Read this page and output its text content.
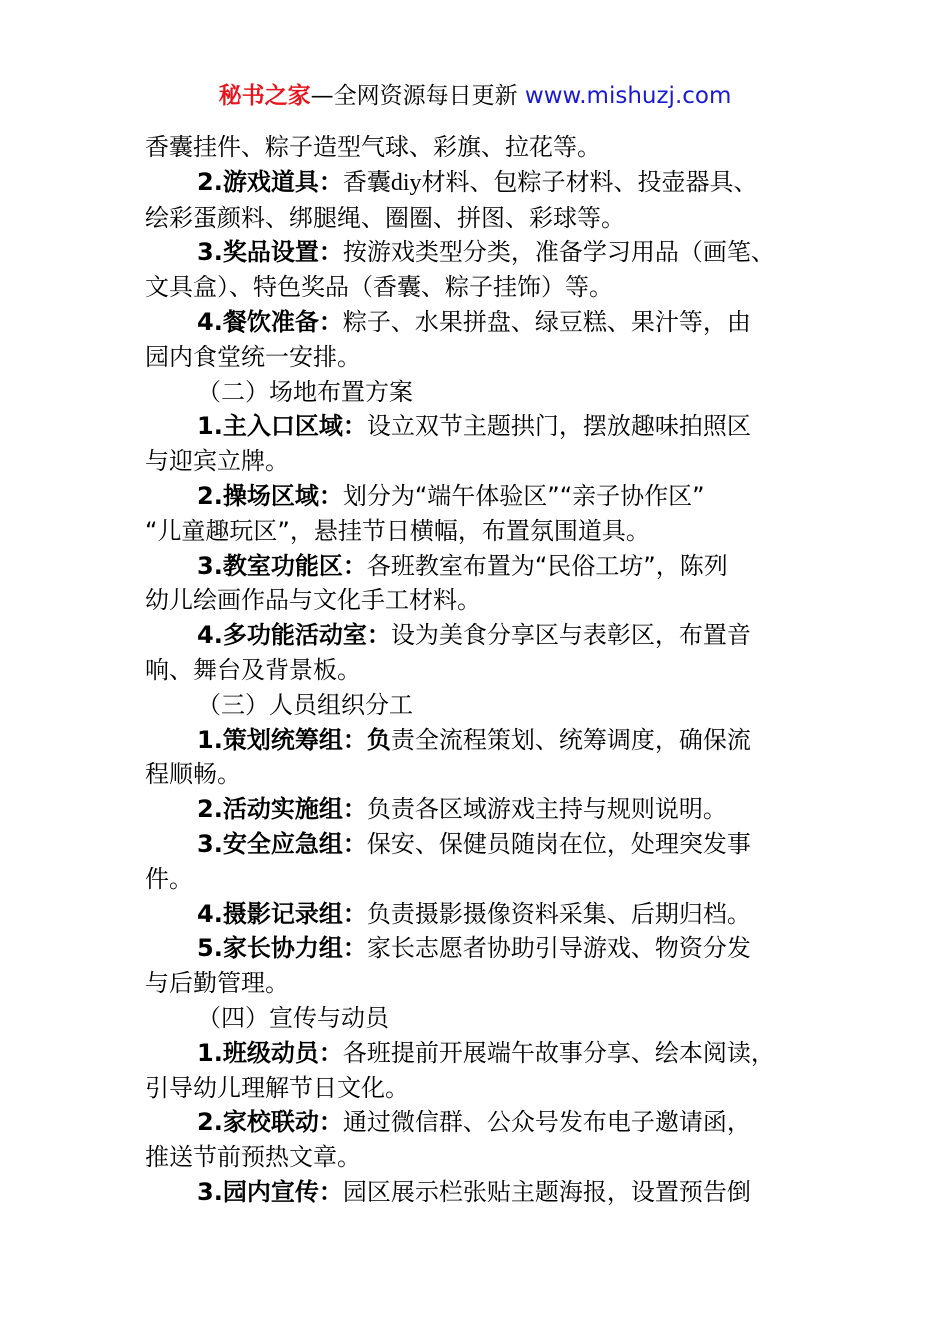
秘书之家—全网资源每日更新 www.mishuzj.com

香囊挂件、粽子造型气球、彩旗、拉花等。

2.游戏道具：香囊diy材料、包粽子材料、投壶器具、

绘彩蛋颜料、绑腿绳、圈圈、拼图、彩球等。

3.奖品设置：按游戏类型分类，准备学习用品（画笔、

文具盒）、特色奖品（香囊、粽子挂饰）等。

4.餐饮准备：粽子、水果拼盘、绿豆糕、果汁等，由

园内食堂统一安排。

（二）场地布置方案

1.主入口区域：设立双节主题拱门，摆放趣味拍照区

与迎宾立牌。

2.操场区域：划分为“端午体验区”“亲子协作区”

“儿童趣玩区”，悬挂节日横幅，布置氛围道具。

3.教室功能区：各班教室布置为“民俗工坊”，陈列

幼儿绘画作品与文化手工材料。

4.多功能活动室：设为美食分享区与表彰区，布置音

响、舞台及背景板。

（三）人员组织分工

1.策划统筹组：负责全流程策划、统筹调度，确保流

程顺畅。

2.活动实施组：负责各区域游戏主持与规则说明。

3.安全应急组：保安、保健员随岗在位，处理突发事

件。

4.摄影记录组：负责摄影摄像资料采集、后期归档。

5.家长协力组：家长志愿者协助引导游戏、物资分发

与后勤管理。

（四）宣传与动员

1.班级动员：各班提前开展端午故事分享、绘本阅读，

引导幼儿理解节日文化。

2.家校联动：通过微信群、公众号发布电子邀请函，

推送节前预热文章。

3.园内宣传：园区展示栏张贴主题海报，设置预告倒
